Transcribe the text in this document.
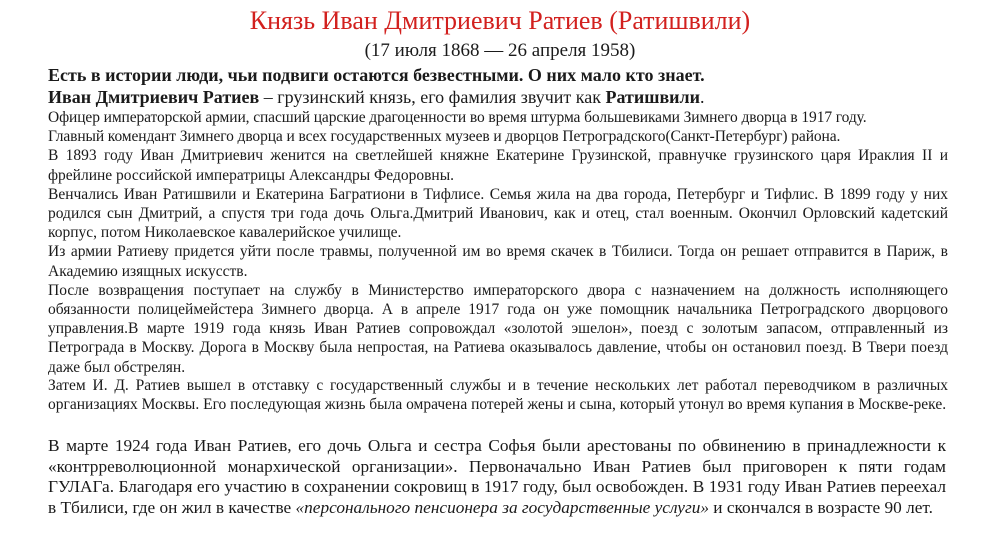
Князь Иван Дмитриевич Ратиев (Ратишвили)
(17 июля 1868 — 26 апреля 1958)

Есть в истории люди, чьи подвиги остаются безвестными. О них мало кто знает.

Иван Дмитриевич Ратиев – грузинский князь, его фамилия звучит как Ратишвили.

Офицер императорской армии, спасший царские драгоценности во время штурма большевиками Зимнего дворца в 1917 году.

Главный комендант Зимнего дворца и всех государственных музеев и дворцов Петроградского(Санкт-Петербург) района.

В 1893 году Иван Дмитриевич женится на светлейшей княжне Екатерине Грузинской, правнучке грузинского царя Ираклия II и фрейлине российской императрицы Александры Федоровны.

Венчались Иван Ратишвили и Екатерина Багратиони в Тифлисе. Семья жила на два города, Петербург и Тифлис. В 1899 году у них родился сын Дмитрий, а спустя три года дочь Ольга.Дмитрий Иванович, как и отец, стал военным. Окончил Орловский кадетский корпус, потом Николаевское кавалерийское училище.

Из армии Ратиеву придется уйти после травмы, полученной им во время скачек в Тбилиси. Тогда он решает отправится в Париж, в Академию изящных искусств.

После возвращения поступает на службу в Министерство императорского двора с назначением на должность исполняющего обязанности полицеймейстера Зимнего дворца. А в апреле 1917 года он уже помощник начальника Петроградского дворцового управления.В марте 1919 года князь Иван Ратиев сопровождал «золотой эшелон», поезд с золотым запасом, отправленный из Петрограда в Москву. Дорога в Москву была непростая, на Ратиева оказывалось давление, чтобы он остановил поезд. В Твери поезд даже был обстрелян.

Затем И. Д. Ратиев вышел в отставку с государственный службы и в течение нескольких лет работал переводчиком в различных организациях Москвы. Его последующая жизнь была омрачена потерей жены и сына, который утонул во время купания в Москве-реке.

В марте 1924 года Иван Ратиев, его дочь Ольга и сестра Софья были арестованы по обвинению в принадлежности к «контрреволюционной монархической организации». Первоначально Иван Ратиев был приговорен к пяти годам ГУЛАГа. Благодаря его участию в сохранении сокровищ в 1917 году, был освобожден. В 1931 году Иван Ратиев переехал в Тбилиси, где он жил в качестве «персонального пенсионера за государственные услуги» и скончался в возрасте 90 лет.
